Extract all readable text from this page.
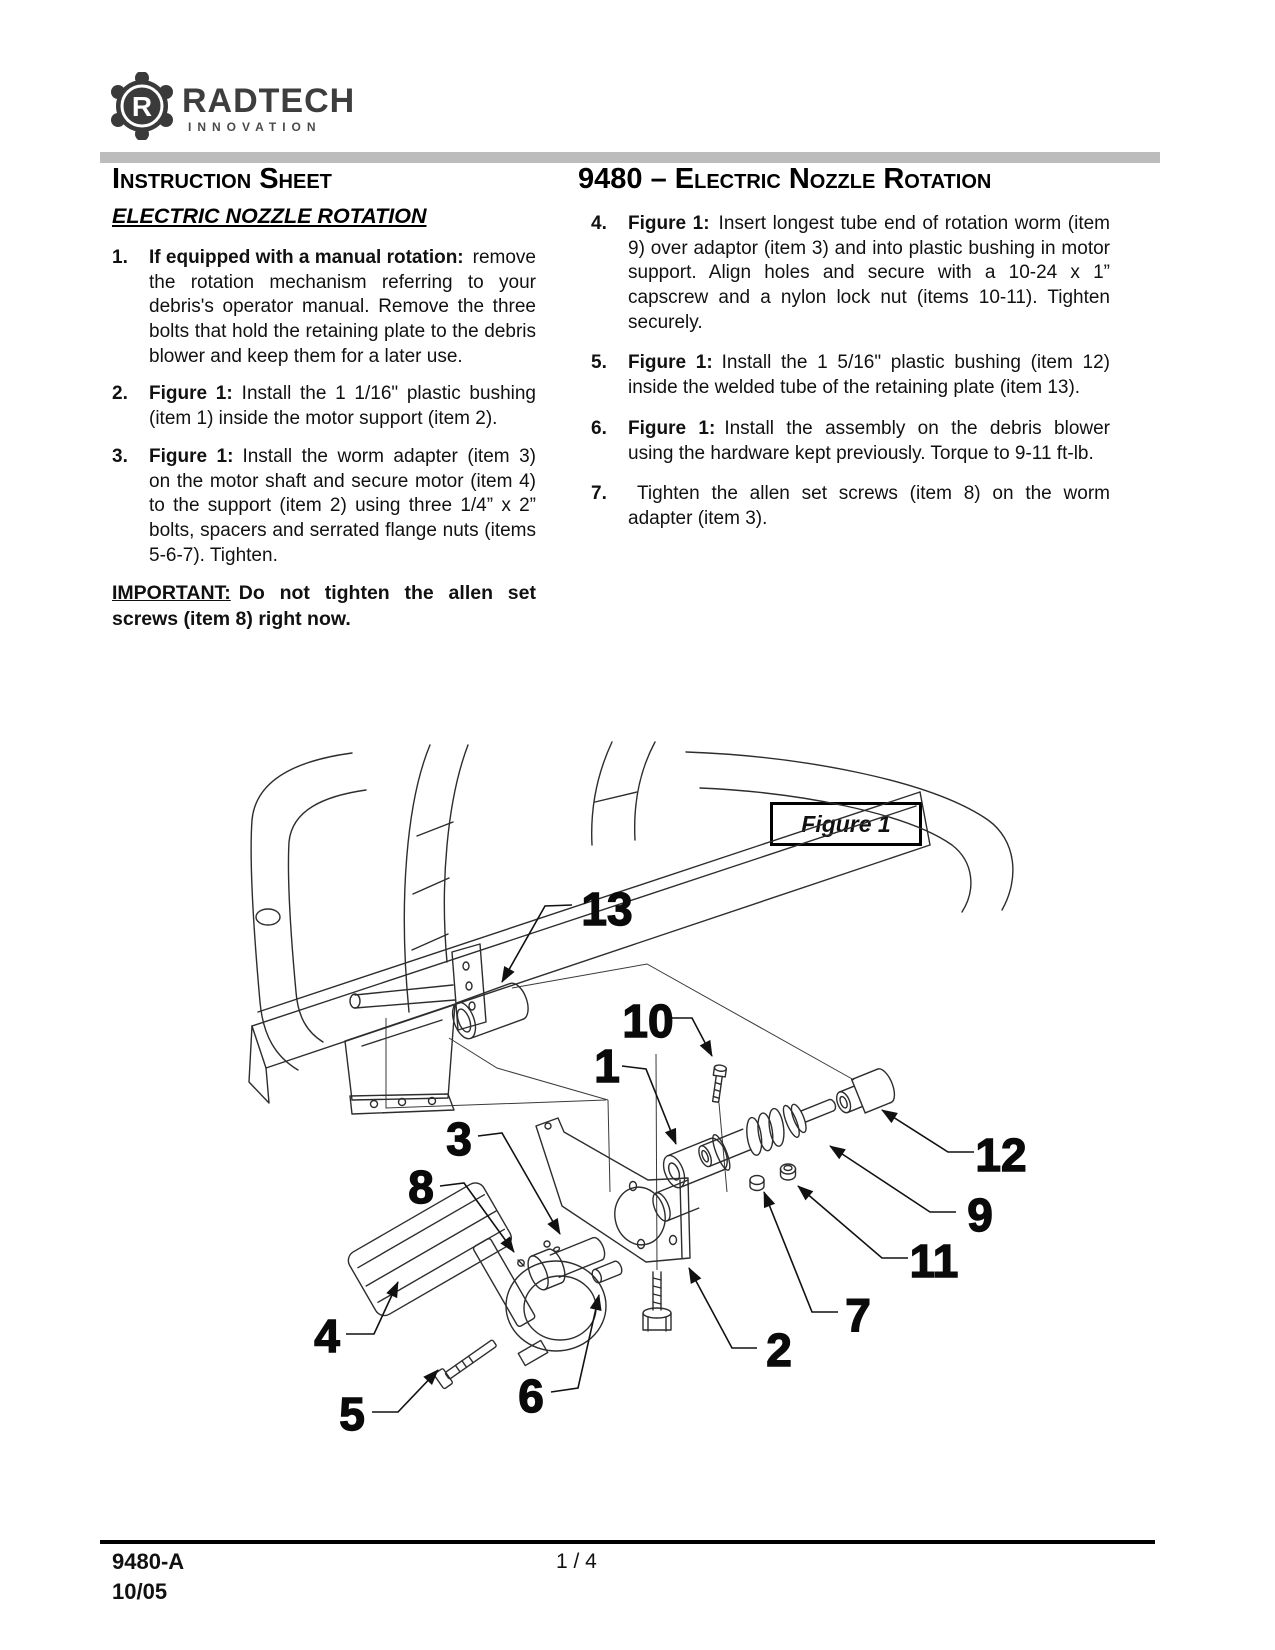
R RADTECH
INNOVATION
Instruction Sheet	9480 – Electric Nozzle Rotation
ELECTRIC NOZZLE ROTATION
1. If equipped with a manual rotation: remove the rotation mechanism referring to your debris's operator manual. Remove the three bolts that hold the retaining plate to the debris blower and keep them for a later use.
2. Figure 1: Install the 1 1/16" plastic bushing (item 1) inside the motor support (item 2).
3. Figure 1: Install the worm adapter (item 3) on the motor shaft and secure motor (item 4) to the support (item 2) using three 1/4” x 2” bolts, spacers and serrated flange nuts (items 5-6-7). Tighten.
IMPORTANT: Do not tighten the allen set screws (item 8) right now.
4. Figure 1: Insert longest tube end of rotation worm (item 9) over adaptor (item 3) and into plastic bushing in motor support. Align holes and secure with a 10-24 x 1” capscrew and a nylon lock nut (items 10-11). Tighten securely.
5. Figure 1: Install the 1 5/16" plastic bushing (item 12) inside the welded tube of the retaining plate (item 13).
6. Figure 1: Install the assembly on the debris blower using the hardware kept previously. Torque to 9-11 ft-lb.
7. Tighten the allen set screws (item 8) on the worm adapter (item 3).
Figure 1
13
10
1
3
8
4
5	6
2
7
11
9
12
9480-A
10/05
1 / 4
